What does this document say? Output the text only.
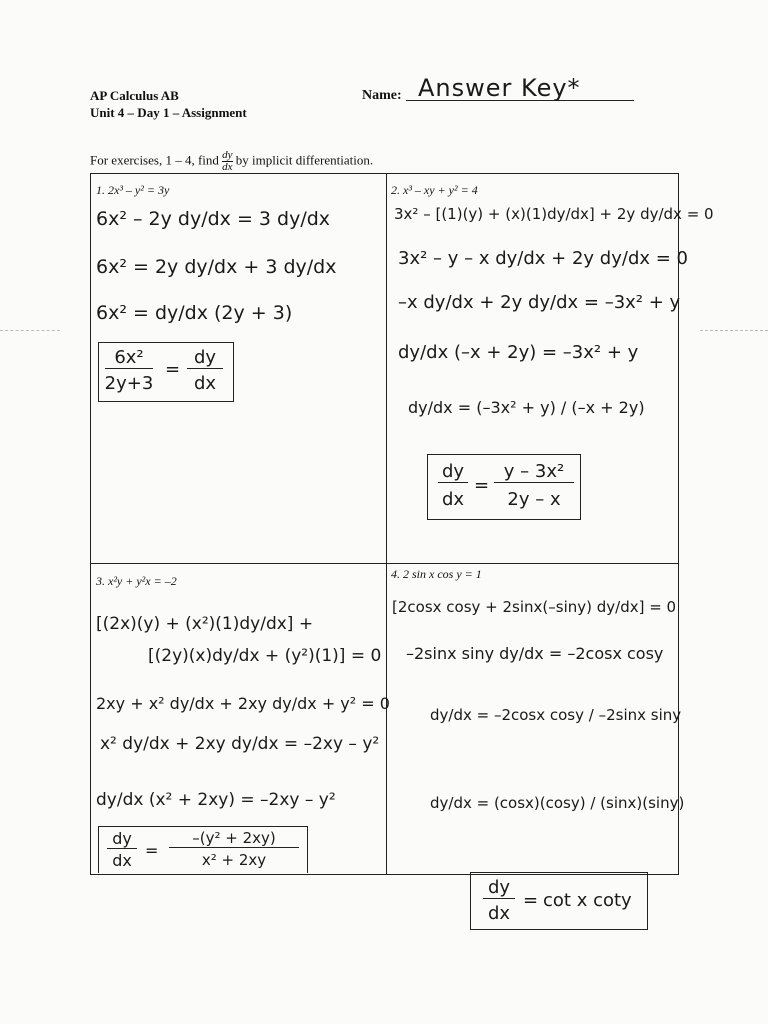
AP Calculus AB
Unit 4 – Day 1 – Assignment
Name: Answer Key*
For exercises, 1 – 4, find $\frac{dy}{dx}$ by implicit differentiation.
1. 2x³ – y² = 3y
6x² – 2y dy/dx = 3 dy/dx
6x² = 2y dy/dx + 3 dy/dx
6x² = dy/dx (2y + 3)
6x²
2y+3
=
dy
dx
2. x³ – xy + y² = 4
3x² – [(1)(y) + (x)(1)dy/dx] + 2y dy/dx = 0
3x² – y – x dy/dx + 2y dy/dx = 0
–x dy/dx + 2y dy/dx = –3x² + y
dy/dx (–x + 2y) = –3x² + y
dy/dx = (–3x² + y) / (–x + 2y)
dy
dx
=
y – 3x²
2y – x
3. x²y + y²x = –2
[(2x)(y) + (x²)(1)dy/dx] +
[(2y)(x)dy/dx + (y²)(1)] = 0
2xy + x² dy/dx + 2xy dy/dx + y² = 0
x² dy/dx + 2xy dy/dx = –2xy – y²
dy/dx (x² + 2xy) = –2xy – y²
dy
dx
=
–(y² + 2xy)
x² + 2xy
4. 2 sin x cos y = 1
[2cosx cosy + 2sinx(–siny) dy/dx] = 0
–2sinx siny dy/dx = –2cosx cosy
dy/dx = –2cosx cosy / –2sinx siny
dy/dx = (cosx)(cosy) / (sinx)(siny)
dy
dx
= cot x coty
